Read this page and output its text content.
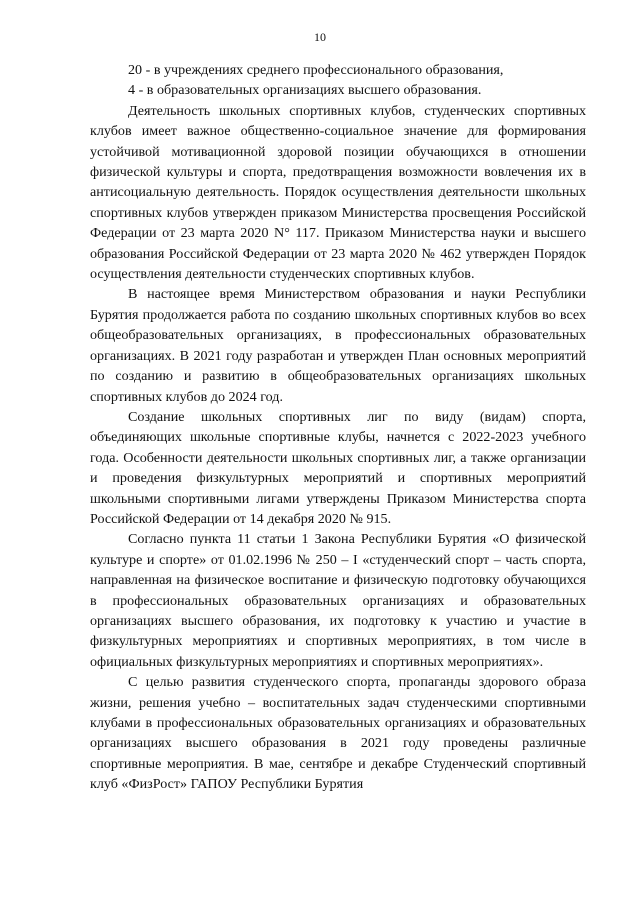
10

20 - в учреждениях среднего профессионального образования,

4 - в образовательных организациях высшего образования.

Деятельность школьных спортивных клубов, студенческих спортивных клубов имеет важное общественно-социальное значение для формирования устойчивой мотивационной здоровой позиции обучающихся в отношении физической культуры и спорта, предотвращения возможности вовлечения их в антисоциальную деятельность. Порядок осуществления деятельности школьных спортивных клубов утвержден приказом Министерства просвещения Российской Федерации от 23 марта 2020 N° 117. Приказом Министерства науки и высшего образования Российской Федерации от 23 марта 2020 № 462 утвержден Порядок осуществления деятельности студенческих спортивных клубов.

В настоящее время Министерством образования и науки Республики Бурятия продолжается работа по созданию школьных спортивных клубов во всех общеобразовательных организациях, в профессиональных образовательных организациях. В 2021 году разработан и утвержден План основных мероприятий по созданию и развитию в общеобразовательных организациях школьных спортивных клубов до 2024 год.

Создание школьных спортивных лиг по виду (видам) спорта, объединяющих школьные спортивные клубы, начнется с 2022-2023 учебного года. Особенности деятельности школьных спортивных лиг, а также организации и проведения физкультурных мероприятий и спортивных мероприятий школьными спортивными лигами утверждены Приказом Министерства спорта Российской Федерации от 14 декабря 2020 № 915.

Согласно пункта 11 статьи 1 Закона Республики Бурятия «О физической культуре и спорте» от 01.02.1996 № 250 – I «студенческий спорт – часть спорта, направленная на физическое воспитание и физическую подготовку обучающихся в профессиональных образовательных организациях и образовательных организациях высшего образования, их подготовку к участию и участие в физкультурных мероприятиях и спортивных мероприятиях, в том числе в официальных физкультурных мероприятиях и спортивных мероприятиях».

С целью развития студенческого спорта, пропаганды здорового образа жизни, решения учебно – воспитательных задач студенческими спортивными клубами в профессиональных образовательных организациях и образовательных организациях высшего образования в 2021 году проведены различные спортивные мероприятия. В мае, сентябре и декабре Студенческий спортивный клуб «ФизРост» ГАПОУ Республики Бурятия
